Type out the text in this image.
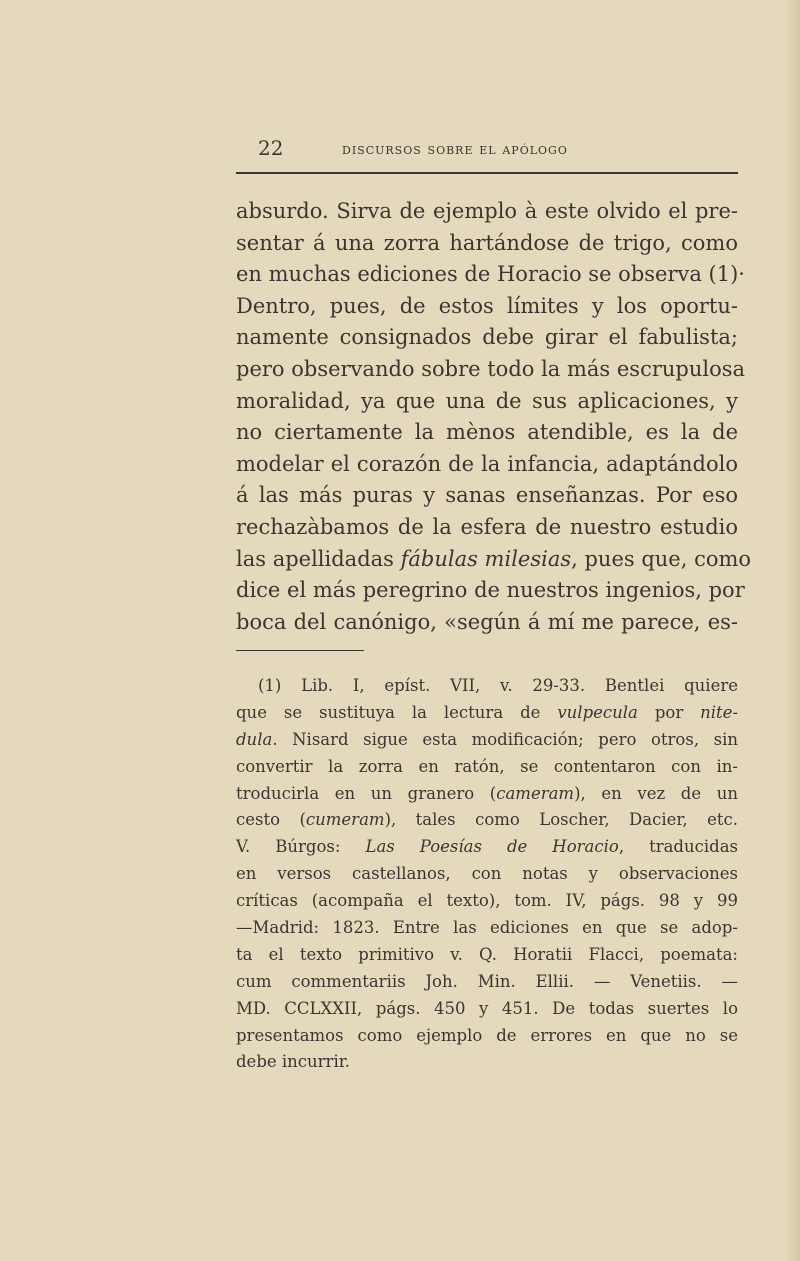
22	discursos sobre el apólogo
absurdo. Sirva de ejemplo à este olvido el pre-
sentar á una zorra hartándose de trigo, como
en muchas ediciones de Horacio se observa (1)·
Dentro, pues, de estos límites y los oportu-
namente consignados debe girar el fabulista;
pero observando sobre todo la más escrupulosa
moralidad, ya que una de sus aplicaciones, y
no ciertamente la mènos atendible, es la de
modelar el corazón de la infancia, adaptándolo
á las más puras y sanas enseñanzas. Por eso
rechazàbamos de la esfera de nuestro estudio
las apellidadas fábulas milesias, pues que, como
dice el más peregrino de nuestros ingenios, por
boca del canónigo, «según á mí me parece, es-
(1) Lib. I, epíst. VII, v. 29-33. Bentlei quiere
que se sustituya la lectura de vulpecula por nite-
dula. Nisard sigue esta modificación; pero otros, sin
convertir la zorra en ratón, se contentaron con in-
troducirla en un granero (cameram), en vez de un
cesto (cumeram), tales como Loscher, Dacier, etc.
V. Búrgos: Las Poesías de Horacio, traducidas
en versos castellanos, con notas y observaciones
críticas (acompaña el texto), tom. IV, págs. 98 y 99
—Madrid: 1823. Entre las ediciones en que se adop-
ta el texto primitivo v. Q. Horatii Flacci, poemata:
cum commentariis Joh. Min. Ellii. — Venetiis. —
MD. CCLXXII, págs. 450 y 451. De todas suertes lo
presentamos como ejemplo de errores en que no se
debe incurrir.
